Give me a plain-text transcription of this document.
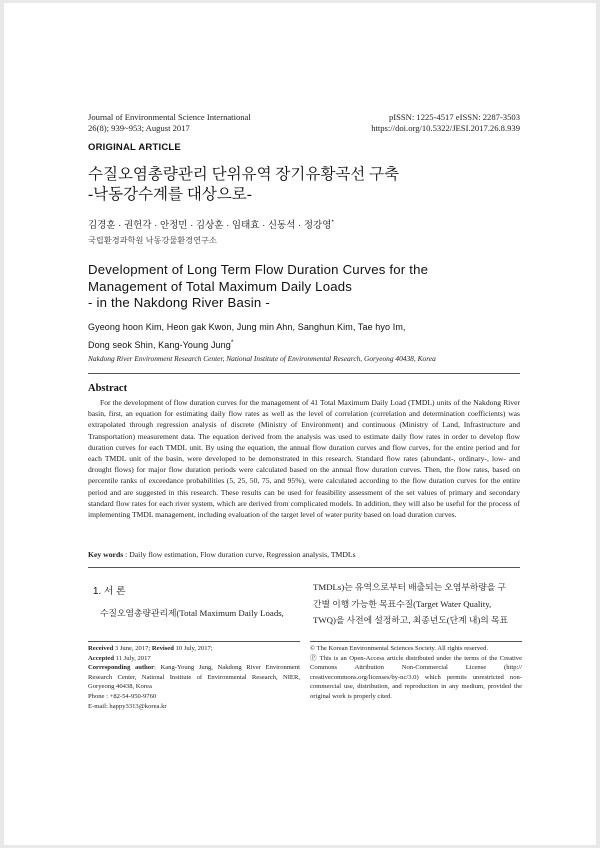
Journal of Environmental Science International
26(8); 939~953; August 2017
pISSN: 1225-4517 eISSN: 2287-3503
https://doi.org/10.5322/JESI.2017.26.8.939
ORIGINAL ARTICLE
수질오염총량관리 단위유역 장기유황곡선 구축
-낙동강수계를 대상으로-
김경훈 · 권헌각 · 안정민 · 김상훈 · 임태효 · 신동석 · 정강영*
국립환경과학원 낙동강물환경연구소
Development of Long Term Flow Duration Curves for the
Management of Total Maximum Daily Loads
- in the Nakdong River Basin -
Gyeong hoon Kim, Heon gak Kwon, Jung min Ahn, Sanghun Kim, Tae hyo Im,
Dong seok Shin, Kang-Young Jung*
Nakdong River Environment Research Center, National Institute of Environmental Research, Goryeong 40438, Korea
Abstract
For the development of flow duration curves for the management of 41 Total Maximum Daily Load (TMDL) units of the Nakdong River basin, first, an equation for estimating daily flow rates as well as the level of correlation (correlation and determination coefficients) was extrapolated through regression analysis of discrete (Ministry of Environment) and continuous (Ministry of Land, Infrastructure and Transportation) measurement data. The equation derived from the analysis was used to estimate daily flow rates in order to develop flow duration curves for each TMDL unit. By using the equation, the annual flow duration curves and flow curves, for the entire period and for each TMDL unit of the basin, were developed to be demonstrated in this research. Standard flow rates (abundant-, ordinary-, low- and drought flows) for major flow duration periods were calculated based on the annual flow duration curves. Then, the flow rates, based on percentile ranks of exceedance probabilities (5, 25, 50, 75, and 95%), were calculated according to the flow duration curves for the entire period and are suggested in this research. These results can be used for feasibility assessment of the set values of primary and secondary standard flow rates for each river system, which are derived from complicated models. In addition, they will also be useful for the process of implementing TMDL management, including evaluation of the target level of water purity based on load duration curves.
Key words : Daily flow estimation, Flow duration curve, Regression analysis, TMDLs
1. 서 론
수질오염총량관리제(Total Maximum Daily Loads,
TMDLs)는 유역으로부터 배출되는 오염부하량을 구
간별 이행 가능한 목표수질(Target Water Quality,
TWQ)을 사전에 설정하고, 최종년도(단계 내)의 목표
Received 3 June, 2017; Revised 10 July, 2017;
Accepted 11 July, 2017
Corresponding author: Kang-Young Jung, Nakdong River Environment Research Center, National Institute of Environmental Research, NIER, Goryeong 40438, Korea
Phone : +82-54-950-9760
E-mail: happy3313@korea.kr
© The Korean Environmental Sciences Society. All rights reserved.
Ⓟ This is an Open-Access article distributed under the terms of the Creative Commons Attribution Non-Commercial License (http:// creativecommons.org/licenses/by-nc/3.0) which permits unrestricted non-commercial use, distribution, and reproduction in any medium, provided the original work is properly cited.
